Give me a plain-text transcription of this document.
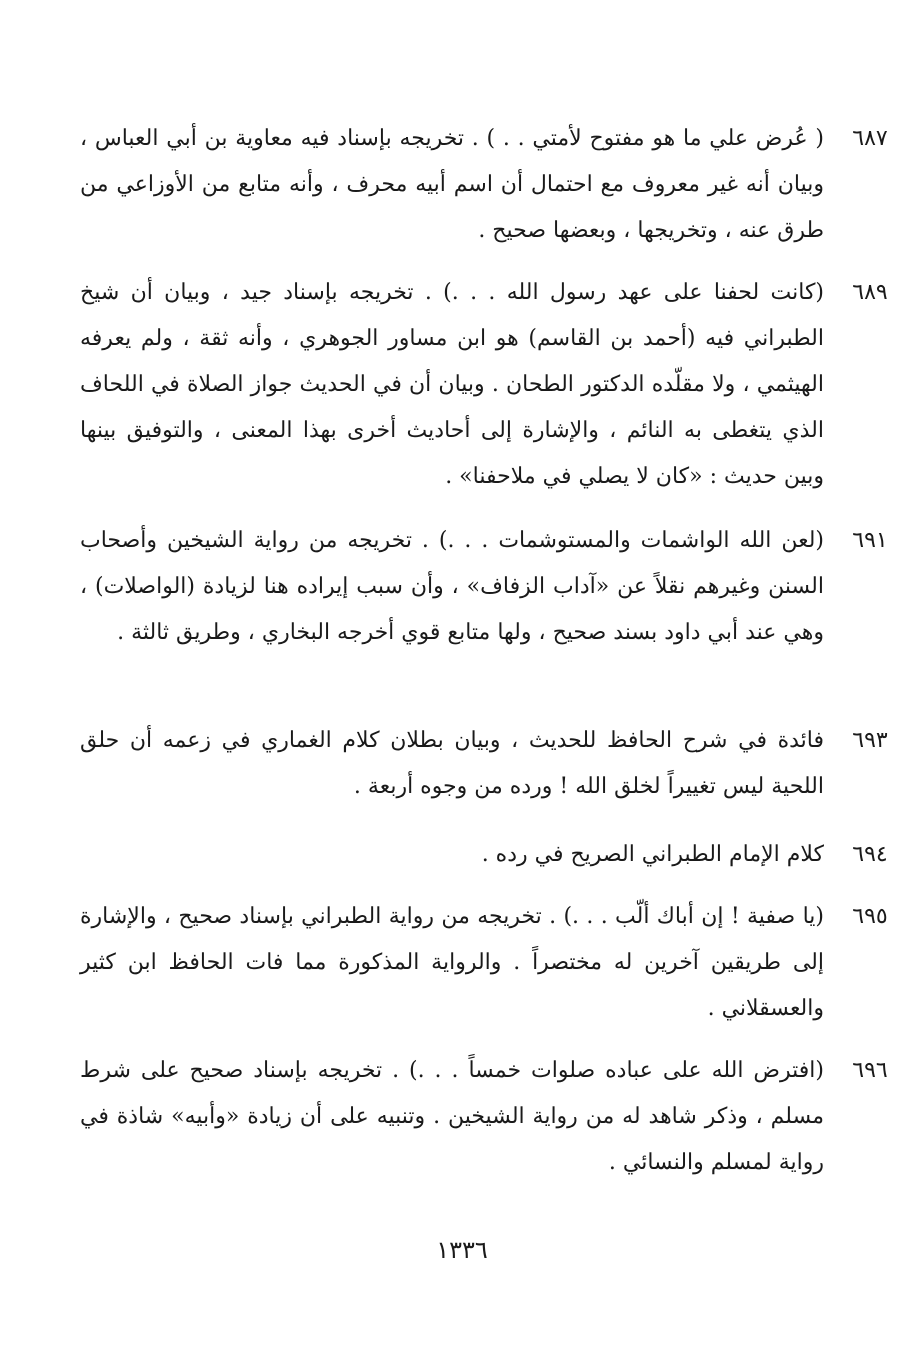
٦٨٧
( عُرض علي ما هو مفتوح لأمتي . . ) . تخريجه بإسناد فيه معاوية بن أبي العباس ، وبيان أنه غير معروف مع احتمال أن اسم أبيه محرف ، وأنه متابع من الأوزاعي من طرق عنه ، وتخريجها ، وبعضها صحيح .
٦٨٩
(كانت لحفنا على عهد رسول الله . . .) . تخريجه بإسناد جيد ، وبيان أن شيخ الطبراني فيه (أحمد بن القاسم) هو ابن مساور الجوهري ، وأنه ثقة ، ولم يعرفه الهيثمي ، ولا مقلّده الدكتور الطحان . وبيان أن في الحديث جواز الصلاة في اللحاف الذي يتغطى به النائم ، والإشارة إلى أحاديث أخرى بهذا المعنى ، والتوفيق بينها وبين حديث : «كان لا يصلي في ملاحفنا» .
٦٩١
(لعن الله الواشمات والمستوشمات . . .) . تخريجه من رواية الشيخين وأصحاب السنن وغيرهم نقلاً عن «آداب الزفاف» ، وأن سبب إيراده هنا لزيادة (الواصلات) ، وهي عند أبي داود بسند صحيح ، ولها متابع قوي أخرجه البخاري ، وطريق ثالثة .
٦٩٣
فائدة في شرح الحافظ للحديث ، وبيان بطلان كلام الغماري في زعمه أن حلق اللحية ليس تغييراً لخلق الله ! ورده من وجوه أربعة .
٦٩٤
كلام الإمام الطبراني الصريح في رده .
٦٩٥
(يا صفية ! إن أباك ألّب . . .) . تخريجه من رواية الطبراني بإسناد صحيح ، والإشارة إلى طريقين آخرين له مختصراً . والرواية المذكورة مما فات الحافظ ابن كثير والعسقلاني .
٦٩٦
(افترض الله على عباده صلوات خمساً . . .) . تخريجه بإسناد صحيح على شرط مسلم ، وذكر شاهد له من رواية الشيخين . وتنبيه على أن زيادة «وأبيه» شاذة في رواية لمسلم والنسائي .
١٣٣٦
